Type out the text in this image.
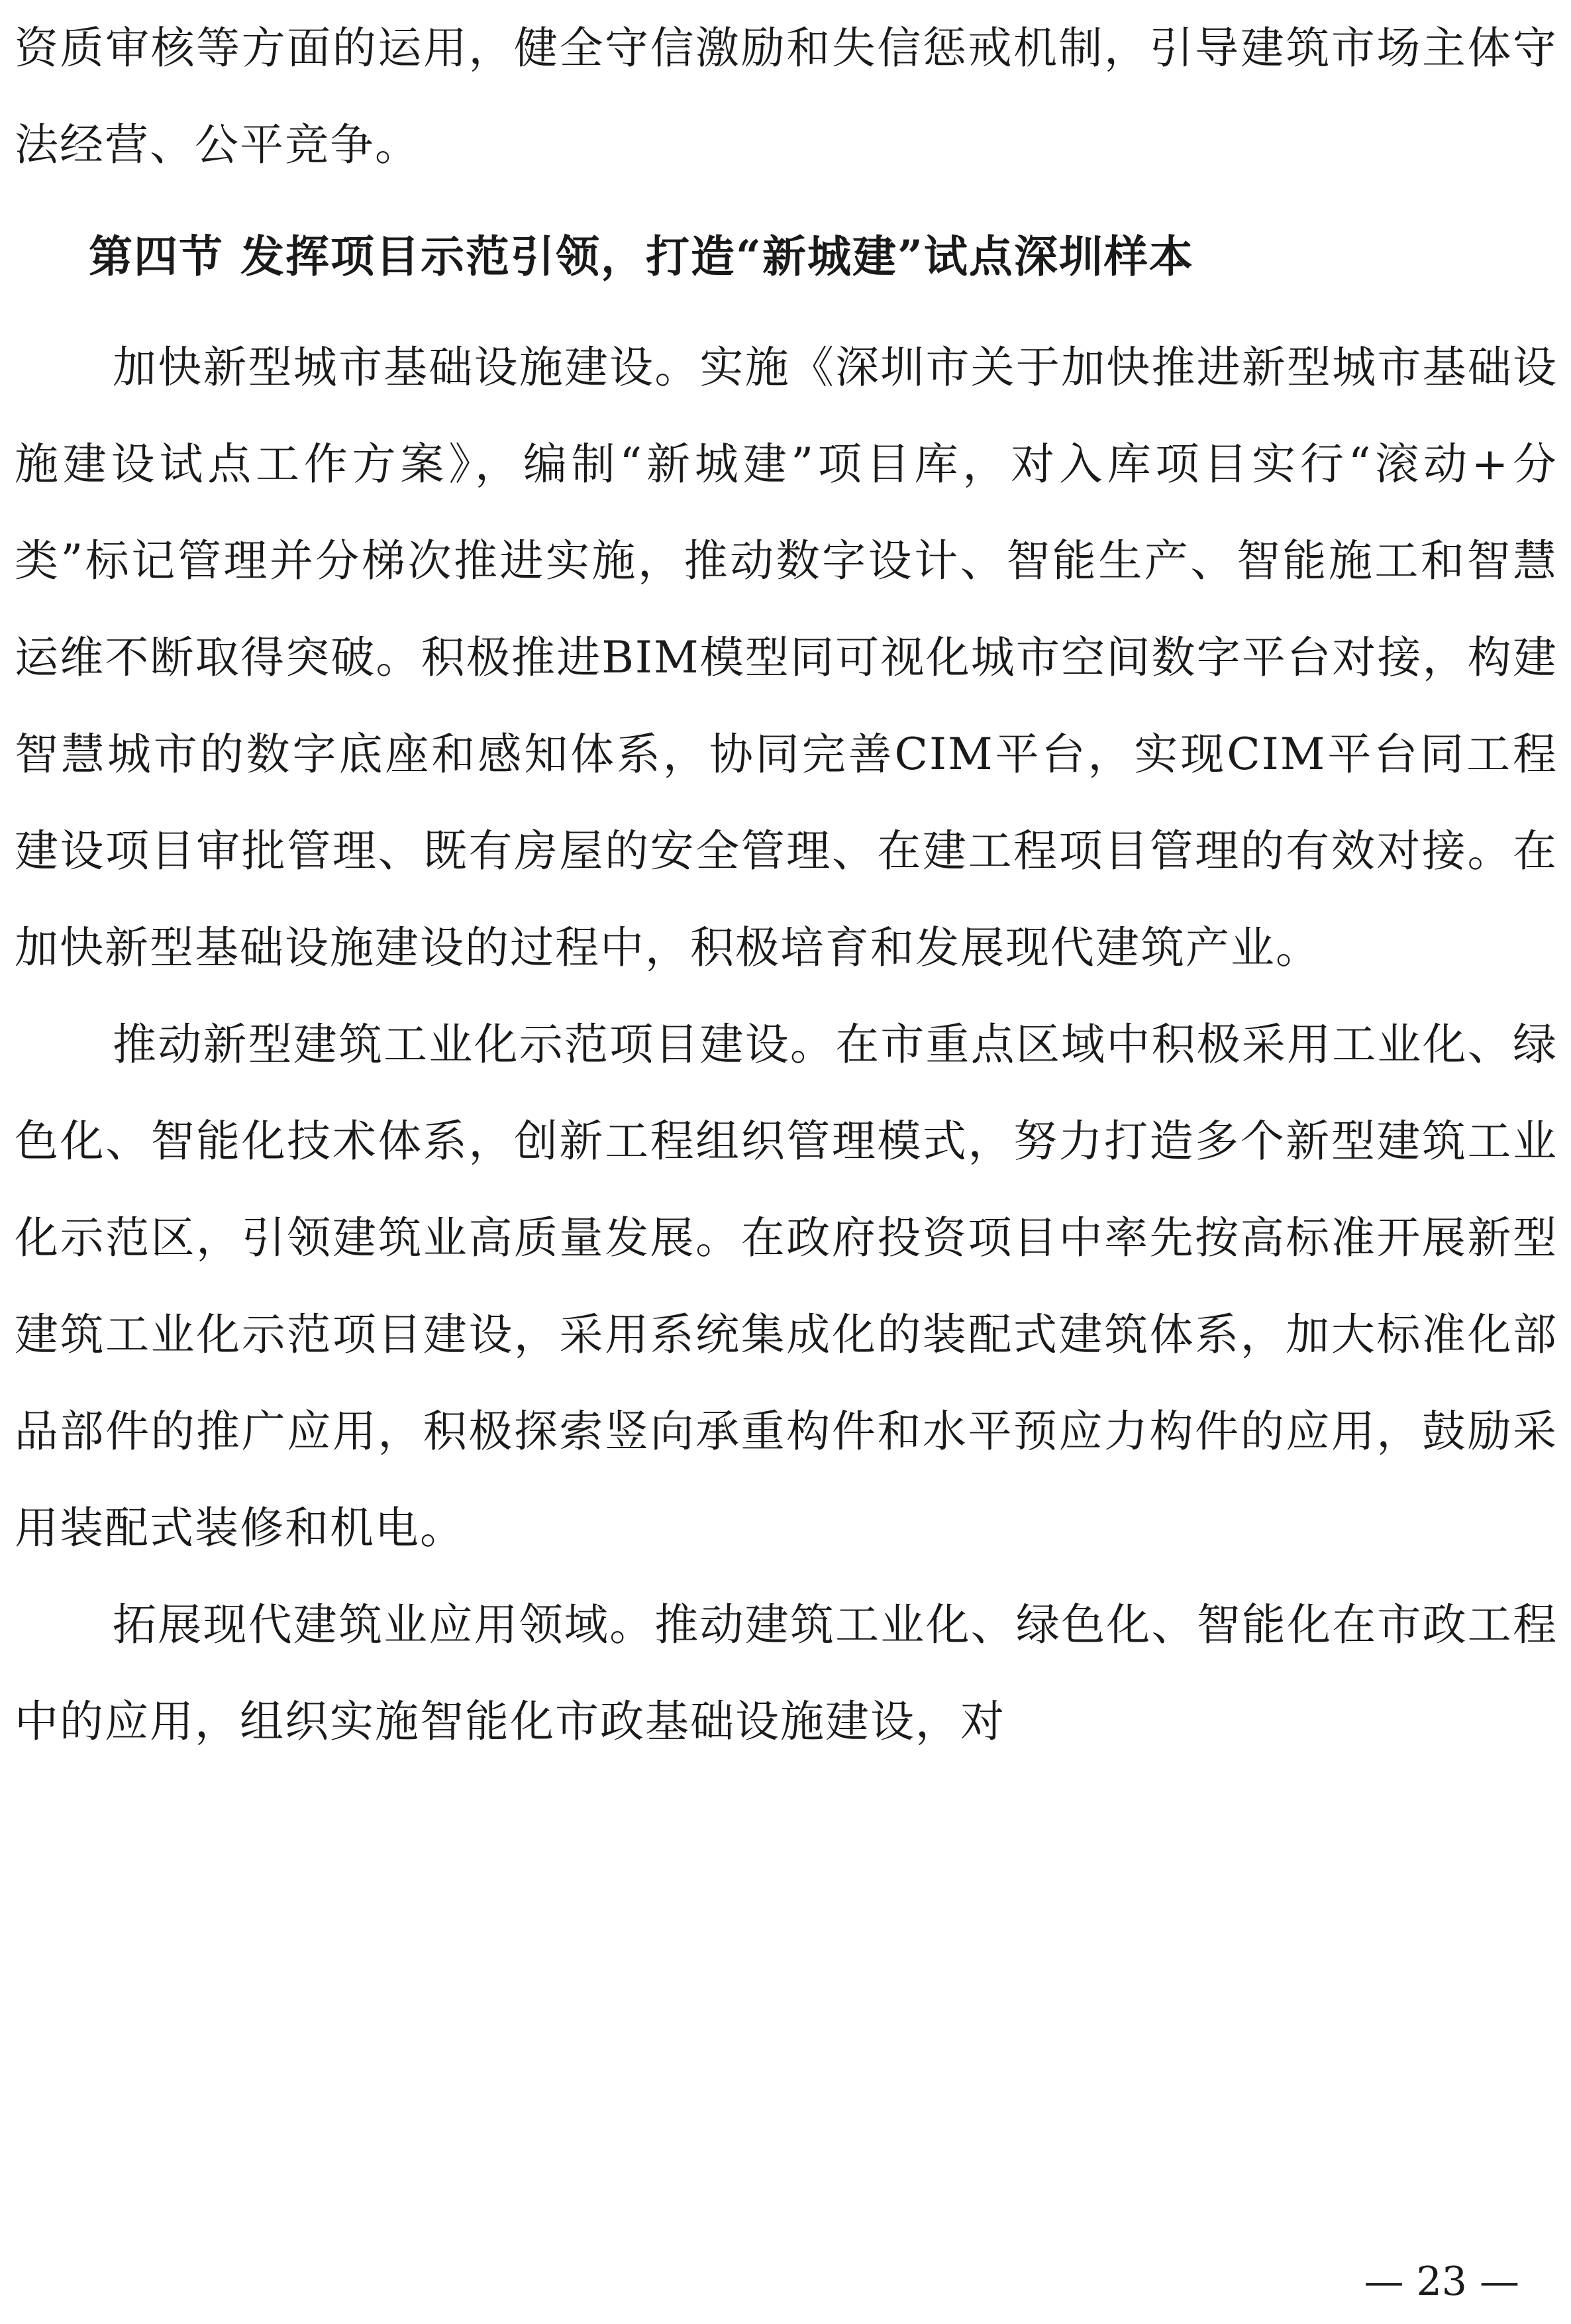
资质审核等方面的运用，健全守信激励和失信惩戒机制，引导建筑市场主体守法经营、公平竞争。

第四节 发挥项目示范引领，打造“新城建”试点深圳样本

加快新型城市基础设施建设。实施《深圳市关于加快推进新型城市基础设施建设试点工作方案》，编制“新城建”项目库，对入库项目实行“滚动+分类”标记管理并分梯次推进实施，推动数字设计、智能生产、智能施工和智慧运维不断取得突破。积极推进BIM模型同可视化城市空间数字平台对接，构建智慧城市的数字底座和感知体系，协同完善CIM平台，实现CIM平台同工程建设项目审批管理、既有房屋的安全管理、在建工程项目管理的有效对接。在加快新型基础设施建设的过程中，积极培育和发展现代建筑产业。

推动新型建筑工业化示范项目建设。在市重点区域中积极采用工业化、绿色化、智能化技术体系，创新工程组织管理模式，努力打造多个新型建筑工业化示范区，引领建筑业高质量发展。在政府投资项目中率先按高标准开展新型建筑工业化示范项目建设，采用系统集成化的装配式建筑体系，加大标准化部品部件的推广应用，积极探索竖向承重构件和水平预应力构件的应用，鼓励采用装配式装修和机电。

拓展现代建筑业应用领域。推动建筑工业化、绿色化、智能化在市政工程中的应用，组织实施智能化市政基础设施建设，对

— 23 —
